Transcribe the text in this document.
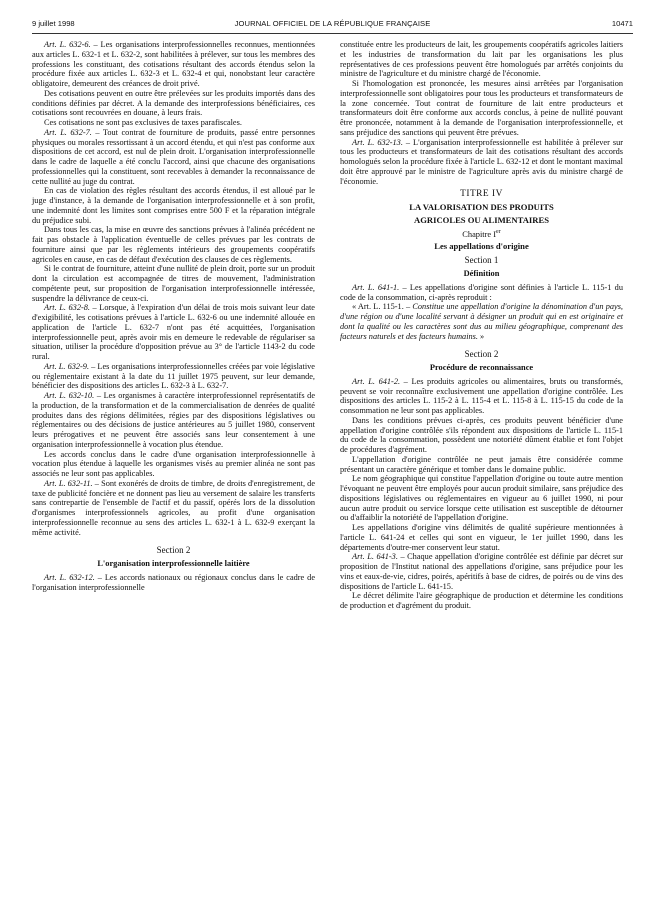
9 juillet 1998	JOURNAL OFFICIEL DE LA RÉPUBLIQUE FRANÇAISE	10471

Art. L. 632-6. – Les organisations interprofessionnelles reconnues, mentionnées aux articles L. 632-1 et L. 632-2, sont habilitées à prélever, sur tous les membres des professions les constituant, des cotisations résultant des accords étendus selon la procédure fixée aux articles L. 632-3 et L. 632-4 et qui, nonobstant leur caractère obligatoire, demeurent des créances de droit privé.

Des cotisations peuvent en outre être prélevées sur les produits importés dans des conditions définies par décret. A la demande des interprofessions bénéficiaires, ces cotisations sont recouvrées en douane, à leurs frais.

Ces cotisations ne sont pas exclusives de taxes parafiscales.

Art. L. 632-7. – Tout contrat de fourniture de produits, passé entre personnes physiques ou morales ressortissant à un accord étendu, et qui n'est pas conforme aux dispositions de cet accord, est nul de plein droit. L'organisation interprofessionnelle dans le cadre de laquelle a été conclu l'accord, ainsi que chacune des organisations professionnelles qui la constituent, sont recevables à demander la reconnaissance de cette nullité au juge du contrat.

En cas de violation des règles résultant des accords étendus, il est alloué par le juge d'instance, à la demande de l'organisation interprofessionnelle et à son profit, une indemnité dont les limites sont comprises entre 500 F et la réparation intégrale du préjudice subi.

Dans tous les cas, la mise en œuvre des sanctions prévues à l'alinéa précédent ne fait pas obstacle à l'application éventuelle de celles prévues par les contrats de fourniture ainsi que par les règlements intérieurs des groupements coopératifs agricoles en cause, en cas de défaut d'exécution des clauses de ces règlements.

Si le contrat de fourniture, atteint d'une nullité de plein droit, porte sur un produit dont la circulation est accompagnée de titres de mouvement, l'administration compétente peut, sur proposition de l'organisation interprofessionnelle intéressée, suspendre la délivrance de ceux-ci.

Art. L. 632-8. – Lorsque, à l'expiration d'un délai de trois mois suivant leur date d'exigibilité, les cotisations prévues à l'article L. 632-6 ou une indemnité allouée en application de l'article L. 632-7 n'ont pas été acquittées, l'organisation interprofessionnelle peut, après avoir mis en demeure le redevable de régulariser sa situation, utiliser la procédure d'opposition prévue au 3° de l'article 1143-2 du code rural.

Art. L. 632-9. – Les organisations interprofessionnelles créées par voie législative ou réglementaire existant à la date du 11 juillet 1975 peuvent, sur leur demande, bénéficier des dispositions des articles L. 632-3 à L. 632-7.

Art. L. 632-10. – Les organismes à caractère interprofessionnel représentatifs de la production, de la transformation et de la commercialisation de denrées de qualité produites dans des régions délimitées, régies par des dispositions législatives ou réglementaires ou des décisions de justice antérieures au 5 juillet 1980, conservent leurs prérogatives et ne peuvent être associés sans leur consentement à une organisation interprofessionnelle à vocation plus étendue.

Les accords conclus dans le cadre d'une organisation interprofessionnelle à vocation plus étendue à laquelle les organismes visés au premier alinéa ne sont pas associés ne leur sont pas applicables.

Art. L. 632-11. – Sont exonérés de droits de timbre, de droits d'enregistrement, de taxe de publicité foncière et ne donnent pas lieu au versement de salaire les transferts sans contrepartie de l'ensemble de l'actif et du passif, opérés lors de la dissolution d'organismes interprofessionnels agricoles, au profit d'une organisation interprofessionnelle reconnue au sens des articles L. 632-1 à L. 632-9 exerçant la même activité.

Section 2
L'organisation interprofessionnelle laitière

Art. L. 632-12. – Les accords nationaux ou régionaux conclus dans le cadre de l'organisation interprofessionnelle

constituée entre les producteurs de lait, les groupements coopératifs agricoles laitiers et les industries de transformation du lait par les organisations les plus représentatives de ces professions peuvent être homologués par arrêtés conjoints du ministre de l'agriculture et du ministre chargé de l'économie.

Si l'homologation est prononcée, les mesures ainsi arrêtées par l'organisation interprofessionnelle sont obligatoires pour tous les producteurs et transformateurs de la zone concernée. Tout contrat de fourniture de lait entre producteurs et transformateurs doit être conforme aux accords conclus, à peine de nullité pouvant être prononcée, notamment à la demande de l'organisation interprofessionnelle, et sans préjudice des sanctions qui peuvent être prévues.

Art. L. 632-13. – L'organisation interprofessionnelle est habilitée à prélever sur tous les producteurs et transformateurs de lait des cotisations résultant des accords homologués selon la procédure fixée à l'article L. 632-12 et dont le montant maximal doit être approuvé par le ministre de l'agriculture après avis du ministre chargé de l'économie.

TITRE IV
LA VALORISATION DES PRODUITS
AGRICOLES OU ALIMENTAIRES
Chapitre Ier
Les appellations d'origine
Section 1
Définition

Art. L. 641-1. – Les appellations d'origine sont définies à l'article L. 115-1 du code de la consommation, ci-après reproduit :

« Art. L. 115-1. – Constitue une appellation d'origine la dénomination d'un pays, d'une région ou d'une localité servant à désigner un produit qui en est originaire et dont la qualité ou les caractères sont dus au milieu géographique, comprenant des facteurs naturels et des facteurs humains. »

Section 2
Procédure de reconnaissance

Art. L. 641-2. – Les produits agricoles ou alimentaires, bruts ou transformés, peuvent se voir reconnaître exclusivement une appellation d'origine contrôlée. Les dispositions des articles L. 115-2 à L. 115-4 et L. 115-8 à L. 115-15 du code de la consommation ne leur sont pas applicables.

Dans les conditions prévues ci-après, ces produits peuvent bénéficier d'une appellation d'origine contrôlée s'ils répondent aux dispositions de l'article L. 115-1 du code de la consommation, possèdent une notoriété dûment établie et font l'objet de procédures d'agrément.

L'appellation d'origine contrôlée ne peut jamais être considérée comme présentant un caractère générique et tomber dans le domaine public.

Le nom géographique qui constitue l'appellation d'origine ou toute autre mention l'évoquant ne peuvent être employés pour aucun produit similaire, sans préjudice des dispositions législatives ou réglementaires en vigueur au 6 juillet 1990, ni pour aucun autre produit ou service lorsque cette utilisation est susceptible de détourner ou d'affaiblir la notoriété de l'appellation d'origine.

Les appellations d'origine vins délimités de qualité supérieure mentionnées à l'article L. 641-24 et celles qui sont en vigueur, le 1er juillet 1990, dans les départements d'outre-mer conservent leur statut.

Art. L. 641-3. – Chaque appellation d'origine contrôlée est définie par décret sur proposition de l'Institut national des appellations d'origine, sans préjudice pour les vins et eaux-de-vie, cidres, poirés, apéritifs à base de cidres, de poirés ou de vins des dispositions de l'article L. 641-15.

Le décret délimite l'aire géographique de production et détermine les conditions de production et d'agrément du produit.
